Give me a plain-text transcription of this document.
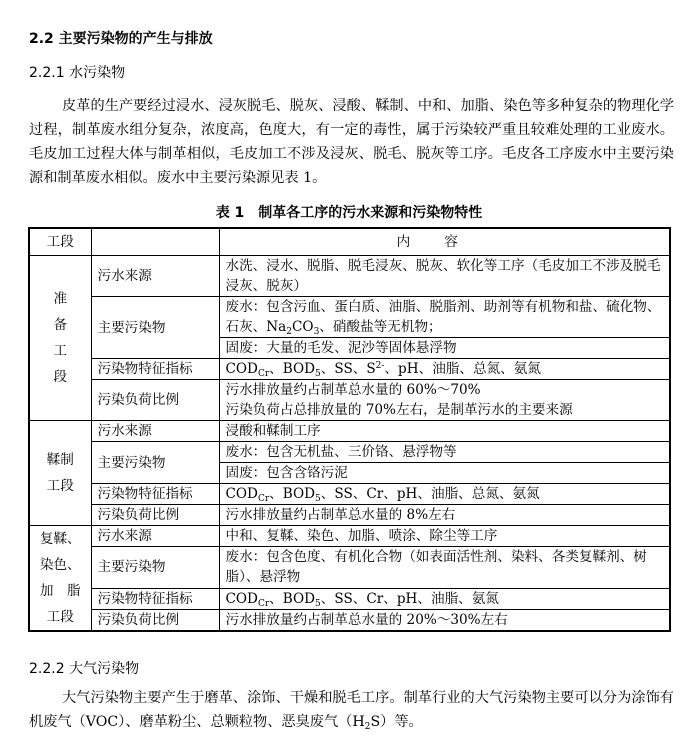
2.2 主要污染物的产生与排放
2.2.1 水污染物
皮革的生产要经过浸水、浸灰脱毛、脱灰、浸酸、鞣制、中和、加脂、染色等多种复杂的物理化学过程，制革废水组分复杂，浓度高，色度大，有一定的毒性，属于污染较严重且较难处理的工业废水。毛皮加工过程大体与制革相似，毛皮加工不涉及浸灰、脱毛、脱灰等工序。毛皮各工序废水中主要污染源和制革废水相似。废水中主要污染源见表 1。
表 1　制革各工序的污水来源和污染物特性
工段		内容

准
备
工
段	污水来源	水洗、浸水、脱脂、脱毛浸灰、脱灰、软化等工序（毛皮加工不涉及脱毛浸灰、脱灰）
	主要污染物	废水：包含污血、蛋白质、油脂、脱脂剂、助剂等有机物和盐、硫化物、石灰、$Na_2CO_3$、硝酸盐等无机物；
		固废：大量的毛发、泥沙等固体悬浮物
	污染物特征指标	$COD_{Cr}$、$BOD_5$、SS、$S^{2-}$、pH、油脂、总氮、氨氮
	污染负荷比例	污水排放量约占制革总水量的 60%～70%
污染负荷占总排放量的 70%左右，是制革污水的主要来源

鞣制
工段	污水来源	浸酸和鞣制工序
	主要污染物	废水：包含无机盐、三价铬、悬浮物等
		固废：包含含铬污泥
	污染物特征指标	$COD_{Cr}$、$BOD_5$、SS、Cr、pH、油脂、总氮、氨氮
	污染负荷比例	污水排放量约占制革总水量的 8%左右

复鞣、
染色、
加　脂
工段	污水来源	中和、复鞣、染色、加脂、喷涂、除尘等工序
	主要污染物	废水：包含色度、有机化合物（如表面活性剂、染料、各类复鞣剂、树脂）、悬浮物
	污染物特征指标	$COD_{Cr}$、$BOD_5$、SS、Cr、pH、油脂、氨氮
	污染负荷比例	污水排放量约占制革总水量的 20%～30%左右
2.2.2 大气污染物
大气污染物主要产生于磨革、涂饰、干燥和脱毛工序。制革行业的大气污染物主要可以分为涂饰有机废气（VOC）、磨革粉尘、总颗粒物、恶臭废气$(H_2S)$等。
